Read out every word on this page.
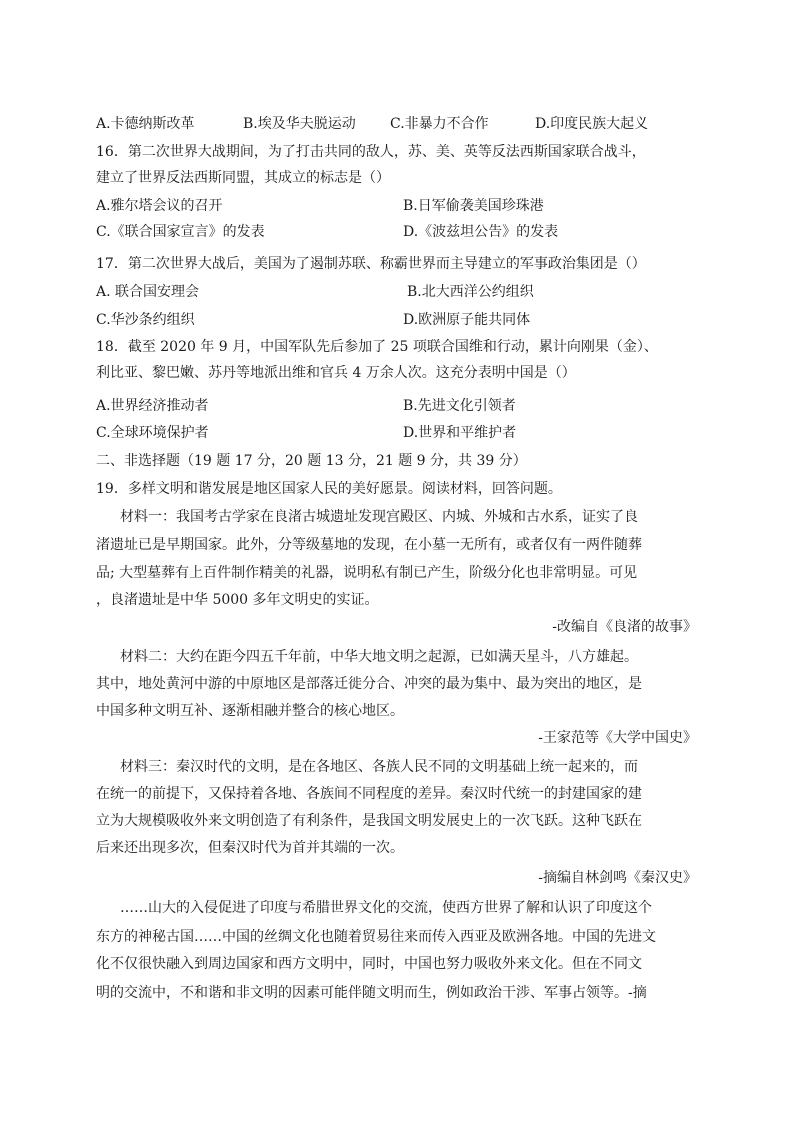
A.卡德纳斯改革	B.埃及华夫脱运动 C.非暴力不合作	D.印度民族大起义
16．第二次世界大战期间，为了打击共同的敌人，苏、美、英等反法西斯国家联合战斗，
建立了世界反法西斯同盟，其成立的标志是（）
A.雅尔塔会议的召开	B.日军偷袭美国珍珠港
C.《联合国家宣言》的发表	D.《波兹坦公告》的发表
17．第二次世界大战后，美国为了遏制苏联、称霸世界而主导建立的军事政治集团是（）
A. 联合国安理会	B.北大西洋公约组织
C.华沙条约组织	D.欧洲原子能共同体
18．截至 2020 年 9 月，中国军队先后参加了 25 项联合国维和行动，累计向刚果（金）、
利比亚、黎巴嫩、苏丹等地派出维和官兵 4 万余人次。这充分表明中国是（）
A.世界经济推动者	B.先进文化引领者
C.全球环境保护者	D.世界和平维护者
二、非选择题（19 题 17 分，20 题 13 分，21 题 9 分，共 39 分）
19．多样文明和谐发展是地区国家人民的美好愿景。阅读材料，回答问题。
材料一：我国考古学家在良渚古城遗址发现宫殿区、内城、外城和古水系，证实了良
渚遗址已是早期国家。此外，分等级墓地的发现，在小墓一无所有，或者仅有一两件随葬
品; 大型墓葬有上百件制作精美的礼器，说明私有制已产生，阶级分化也非常明显。可见
，良渚遗址是中华 5000 多年文明史的实证。
-改编自《良渚的故事》
材料二：大约在距今四五千年前，中华大地文明之起源，已如满天星斗，八方雄起。
其中，地处黄河中游的中原地区是部落迁徙分合、冲突的最为集中、最为突出的地区，是
中国多种文明互补、逐渐相融并整合的核心地区。
-王家范等《大学中国史》
材料三：秦汉时代的文明，是在各地区、各族人民不同的文明基础上统一起来的，而
在统一的前提下，又保持着各地、各族间不同程度的差异。秦汉时代统一的封建国家的建
立为大规模吸收外来文明创造了有利条件，是我国文明发展史上的一次飞跃。这种飞跃在
后来还出现多次，但秦汉时代为首并其端的一次。
-摘编自林剑鸣《秦汉史》
……山大的入侵促进了印度与希腊世界文化的交流，使西方世界了解和认识了印度这个
东方的神秘古国……中国的丝绸文化也随着贸易往来而传入西亚及欧洲各地。中国的先进文
化不仅很快融入到周边国家和西方文明中，同时，中国也努力吸收外来文化。但在不同文
明的交流中，不和谐和非文明的因素可能伴随文明而生，例如政治干涉、军事占领等。-摘
